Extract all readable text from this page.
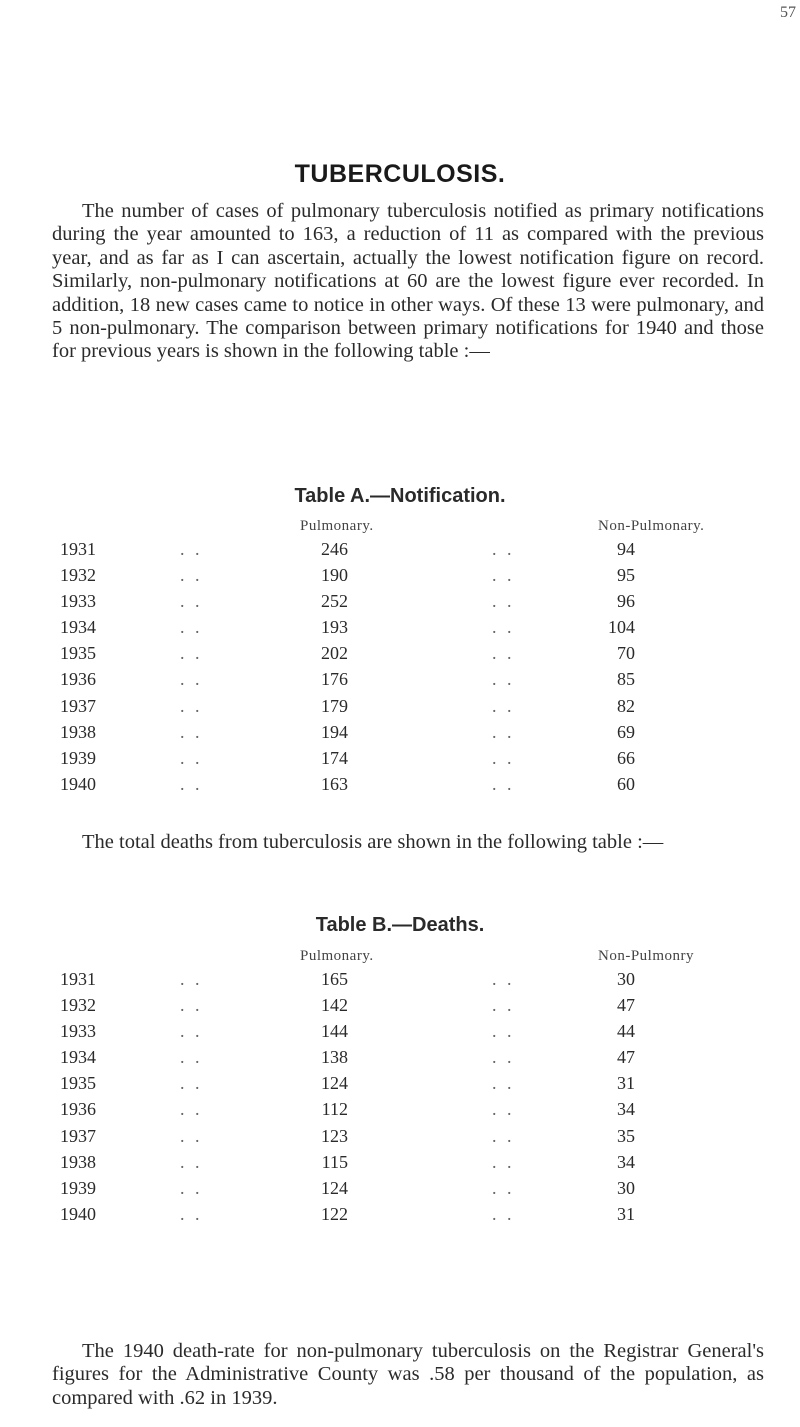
57
TUBERCULOSIS.

The number of cases of pulmonary tuberculosis notified as primary notifications during the year amounted to 163, a reduction of 11 as compared with the previous year, and as far as I can ascertain, actually the lowest notification figure on record. Similarly, non-pulmonary notifications at 60 are the lowest figure ever recorded. In addition, 18 new cases came to notice in other ways. Of these 13 were pulmonary, and 5 non-pulmonary. The comparison between primary notifications for 1940 and those for previous years is shown in the following table :—

Table A.—Notification.
Pulmonary.	Non-Pulmonary.
1931	. .	246	. .	94
1932	. .	190	. .	95
1933	. .	252	. .	96
1934	. .	193	. .	104
1935	. .	202	. .	70
1936	. .	176	. .	85
1937	. .	179	. .	82
1938	. .	194	. .	69
1939	. .	174	. .	66
1940	. .	163	. .	60

The total deaths from tuberculosis are shown in the following table :—

Table B.—Deaths.
Pulmonary.	Non-Pulmonry
1931	. .	165	. .	30
1932	. .	142	. .	47
1933	. .	144	. .	44
1934	. .	138	. .	47
1935	. .	124	. .	31
1936	. .	112	. .	34
1937	. .	123	. .	35
1938	. .	115	. .	34
1939	. .	124	. .	30
1940	. .	122	. .	31

The 1940 death-rate for non-pulmonary tuberculosis on the Registrar General's figures for the Administrative County was .58 per thousand of the population, as compared with .62 in 1939.
